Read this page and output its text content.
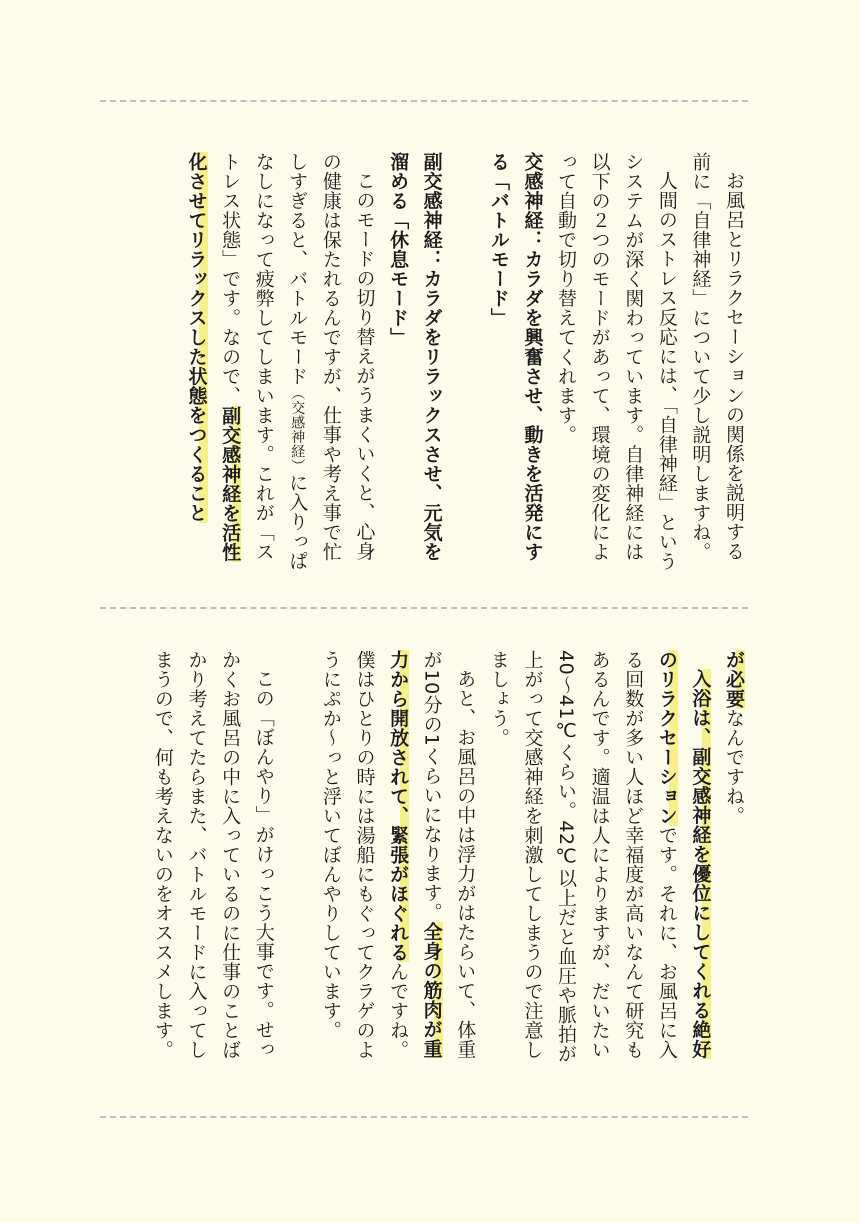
お風呂とリラクセーションの関係を説明する前に「自律神経」について少し説明しますね。

人間のストレス反応には、「自律神経」というシステムが深く関わっています。自律神経には以下の２つのモードがあって、環境の変化によって自動で切り替えてくれます。

交感神経：カラダを興奮させ、動きを活発にする「バトルモード」

副交感神経：カラダをリラックスさせ、元気を溜める「休息モード」

このモードの切り替えがうまくいくと、心身の健康は保たれるんですが、仕事や考え事で忙しすぎると、バトルモード（交感神経）に入りっぱなしになって疲弊してしまいます。これが「ストレス状態」です。なので、副交感神経を活性化させてリラックスした状態をつくること

が必要なんですね。

入浴は、副交感神経を優位にしてくれる絶好のリラクセーションです。それに、お風呂に入る回数が多い人ほど幸福度が高いなんて研究もあるんです。適温は人によりますが、だいたい40～41℃くらい。42℃以上だと血圧や脈拍が上がって交感神経を刺激してしまうので注意しましょう。

あと、お風呂の中は浮力がはたらいて、体重が10分の1くらいになります。全身の筋肉が重力から開放されて、緊張がほぐれるんですね。僕はひとりの時には湯船にもぐってクラゲのようにぷか～っと浮いてぼんやりしています。

この「ぼんやり」がけっこう大事です。せっかくお風呂の中に入っているのに仕事のことばかり考えてたらまた、バトルモードに入ってしまうので、何も考えないのをオススメします。
